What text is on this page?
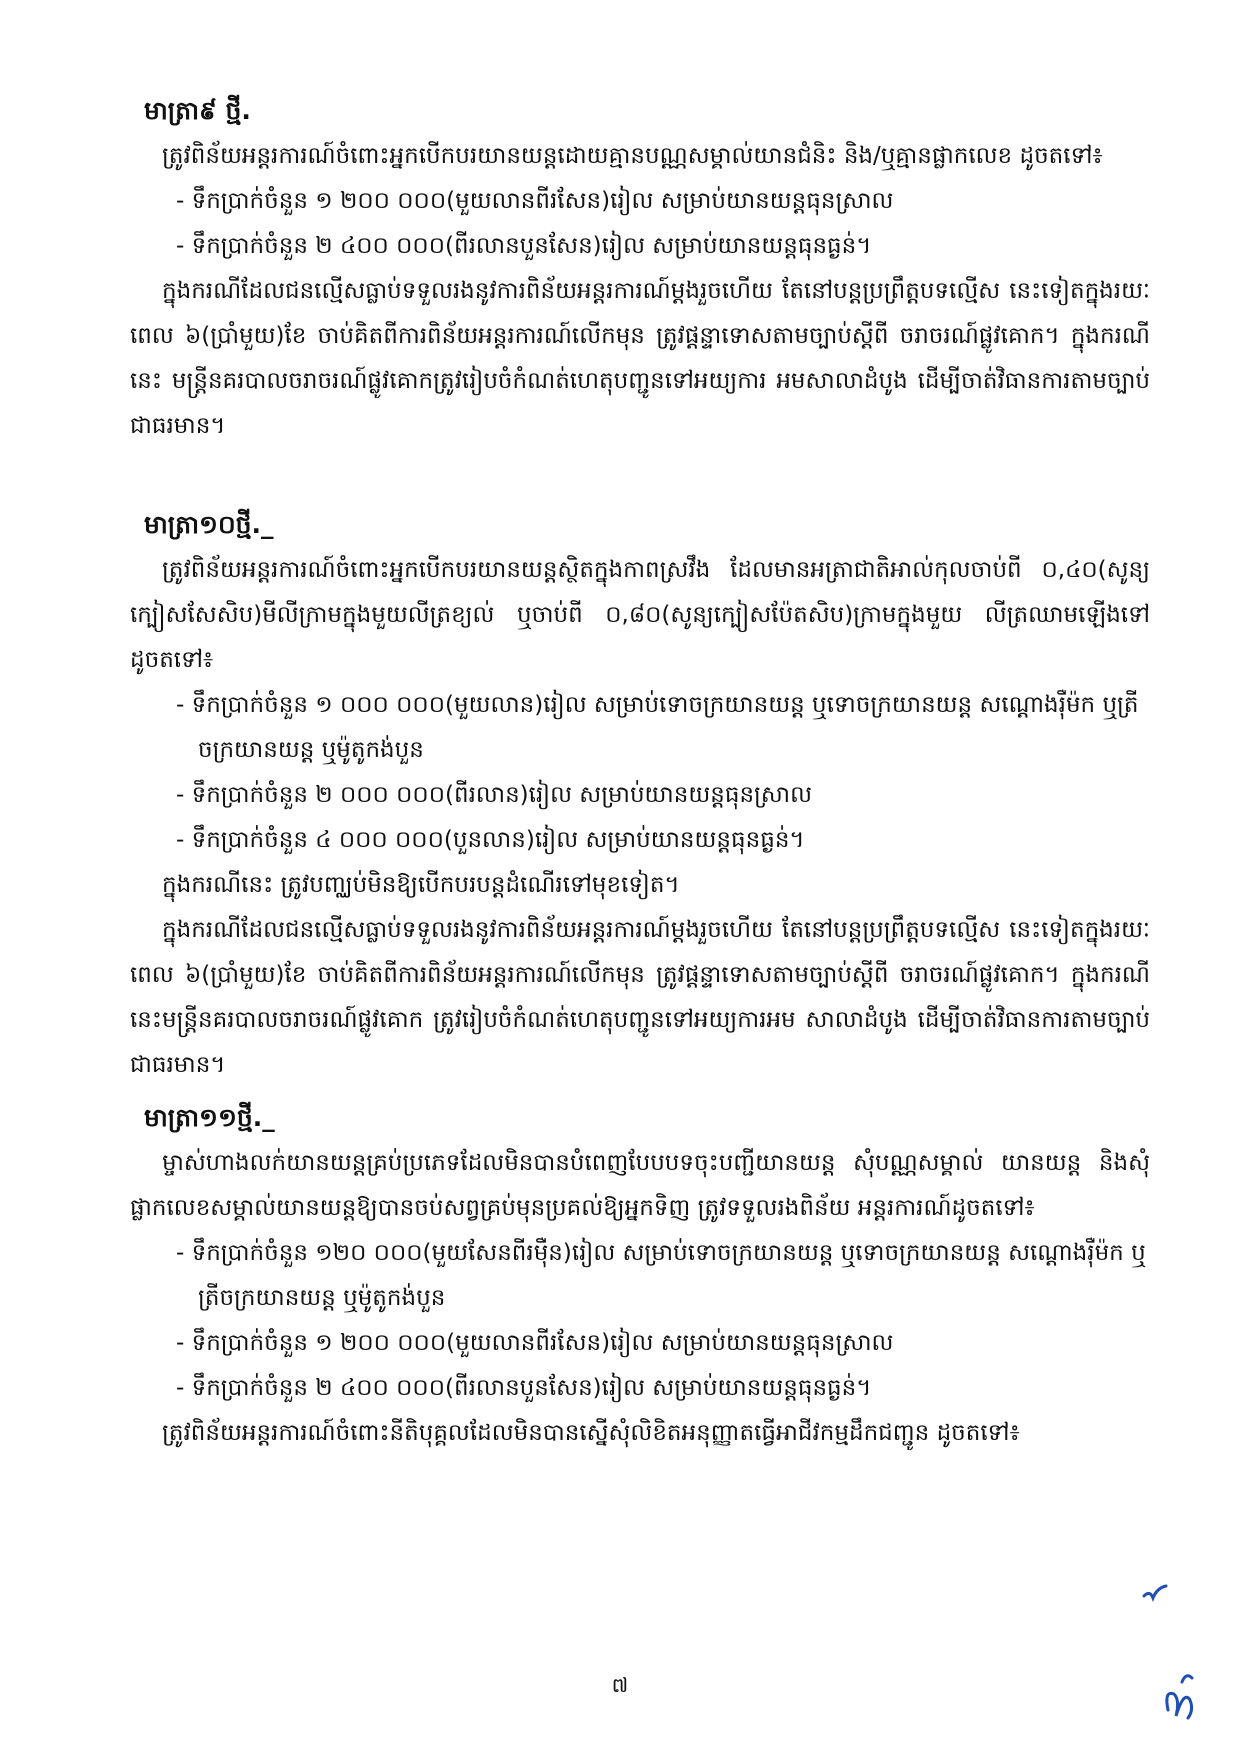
មាត្រា៩ ថ្មី.

ត្រូវពិន័យអន្តរការណ៍ចំពោះអ្នកបើកបរយានយន្តដោយគ្មានបណ្ណសម្គាល់យានជំនិះ និង/ឬគ្មានផ្លាកលេខ ដូចតទៅ៖

- ទឹកប្រាក់ចំនួន ១ ២០០ ០០០(មួយលានពីរសែន)រៀល សម្រាប់យានយន្តធុនស្រាល

- ទឹកប្រាក់ចំនួន ២ ៤០០ ០០០(ពីរលានបួនសែន)រៀល សម្រាប់យានយន្តធុនធ្ងន់។

ក្នុងករណីដែលជនល្មើសធ្លាប់ទទួលរងនូវការពិន័យអន្តរការណ៍ម្តងរួចហើយ តែនៅបន្តប្រព្រឹត្តបទល្មើស នេះទៀតក្នុងរយៈពេល ៦(ប្រាំមួយ)ខែ ចាប់គិតពីការពិន័យអន្តរការណ៍លើកមុន ត្រូវផ្តន្ទាទោសតាមច្បាប់ស្តីពី ចរាចរណ៍ផ្លូវគោក។ ក្នុងករណីនេះ មន្ត្រីនគរបាលចរាចរណ៍ផ្លូវគោកត្រូវរៀបចំកំណត់ហេតុបញ្ជូនទៅអយ្យការ អមសាលាដំបូង ដើម្បីចាត់វិធានការតាមច្បាប់ជាធរមាន។

មាត្រា១០ថ្មី._

ត្រូវពិន័យអន្តរការណ៍ចំពោះអ្នកបើកបរយានយន្តស្ថិតក្នុងកាពស្រវឹង ដែលមានអត្រាជាតិអាល់កុលចាប់ពី ០,៤០(សូន្យក្បៀសសែសិប)មីលីក្រាមក្នុងមួយលីត្រខ្យល់ ឬចាប់ពី ០,៨០(សូន្យក្បៀសប៉ែតសិប)ក្រាមក្នុងមួយ លីត្រឈាមឡើងទៅ ដូចតទៅ៖

- ទឹកប្រាក់ចំនួន ១ ០០០ ០០០(មួយលាន)រៀល សម្រាប់ទោចក្រយានយន្ត ឬទោចក្រយានយន្ត សណ្តោងរ៉ឺម៉ក ឬត្រីចក្រយានយន្ត ឬម៉ូតូកង់បួន

- ទឹកប្រាក់ចំនួន ២ ០០០ ០០០(ពីរលាន)រៀល សម្រាប់យានយន្តធុនស្រាល

- ទឹកប្រាក់ចំនួន ៤ ០០០ ០០០(បួនលាន)រៀល សម្រាប់យានយន្តធុនធ្ងន់។

ក្នុងករណីនេះ ត្រូវបញ្ឈប់មិនឱ្យបើកបរបន្តដំណើរទៅមុខទៀត។

ក្នុងករណីដែលជនល្មើសធ្លាប់ទទួលរងនូវការពិន័យអន្តរការណ៍ម្តងរួចហើយ តែនៅបន្តប្រព្រឹត្តបទល្មើស នេះទៀតក្នុងរយៈពេល ៦(ប្រាំមួយ)ខែ ចាប់គិតពីការពិន័យអន្តរការណ៍លើកមុន ត្រូវផ្តន្ទាទោសតាមច្បាប់ស្តីពី ចរាចរណ៍ផ្លូវគោក។ ក្នុងករណីនេះមន្ត្រីនគរបាលចរាចរណ៍ផ្លូវគោក ត្រូវរៀបចំកំណត់ហេតុបញ្ជូនទៅអយ្យការអម សាលាដំបូង ដើម្បីចាត់វិធានការតាមច្បាប់ជាធរមាន។

មាត្រា១១ថ្មី._

ម្ចាស់ហាងលក់យានយន្តគ្រប់ប្រភេទដែលមិនបានបំពេញបែបបទចុះបញ្ជីយានយន្ត សុំបណ្ណសម្គាល់ យានយន្ត និងសុំផ្លាកលេខសម្គាល់យានយន្តឱ្យបានចប់សព្វគ្រប់មុនប្រគល់ឱ្យអ្នកទិញ ត្រូវទទួលរងពិន័យ អន្តរការណ៍ដូចតទៅ៖

- ទឹកប្រាក់ចំនួន ១២០ ០០០(មួយសែនពីរម៉ឺន)រៀល សម្រាប់ទោចក្រយានយន្ត ឬទោចក្រយានយន្ត សណ្តោងរ៉ឺម៉ក ឬត្រីចក្រយានយន្ត ឬម៉ូតូកង់បួន

- ទឹកប្រាក់ចំនួន ១ ២០០ ០០០(មួយលានពីរសែន)រៀល សម្រាប់យានយន្តធុនស្រាល

- ទឹកប្រាក់ចំនួន ២ ៤០០ ០០០(ពីរលានបួនសែន)រៀល សម្រាប់យានយន្តធុនធ្ងន់។

ត្រូវពិន័យអន្តរការណ៍ចំពោះនីតិបុគ្គលដែលមិនបានស្នើសុំលិខិតអនុញ្ញាតធ្វើអាជីវកម្មដឹកជញ្ជូន ដូចតទៅ៖

៧
